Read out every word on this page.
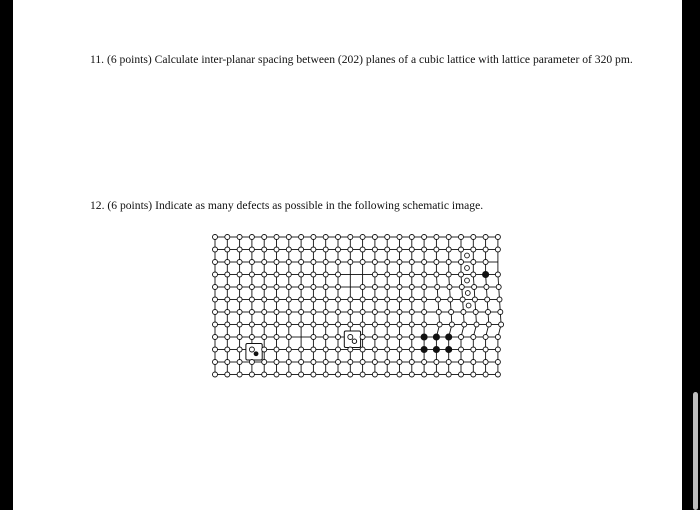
11. (6 points) Calculate inter-planar spacing between (202) planes of a cubic lattice with lattice parameter of 320 pm.
12. (6 points) Indicate as many defects as possible in the following schematic image.
